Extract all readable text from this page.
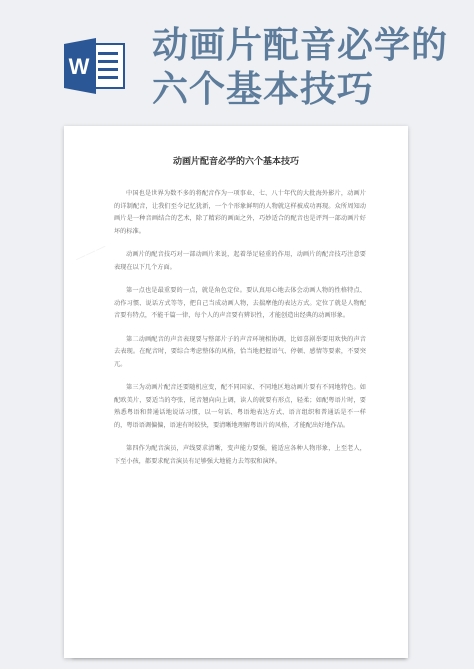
W
动画片配音必学的
六个基本技巧
———
动画片配音必学的六个基本技巧

中国也是世界为数不多的将配音作为一项事业、七、八十年代的大批海外影片，动画片的详制配音，让我们至今记忆犹新，一个个形象鲜明的人物就这样被成功再现。众所周知动画片是一种音画结合的艺术，除了精彩的画面之外，巧妙适合的配音也是评判一部动画片好坏的标准。

动画片的配音技巧对一部动画片来说，起着举足轻重的作用，动画片的配音技巧注意要表现在以下几个方面。

第一点也是最重要的一点，就是角色定位。要认真用心地去体会动画人物的性格特点、动作习惯、说话方式等等，把自己当成动画人物，去揣摩他的表达方式。定位了就是人物配音要有特点，不能千篇一律，每个人的声音要有辨识性，才能创造出经典的动画形象。

第二动画配音的声音表现要与整部片子的声音环境相协调，比如喜剧举要用欢快的声音去表现。在配音时，要综合考虑整体的风格，恰当地把握语气、停顿、感情等要素，不要突兀。

第三为动画片配音还要随机应变，配不同国家、不同地区地动画片要有不同地特色。如配欧美片，要适当的夸张，尾音翘向向上调，读人的就要有形点，轻柔；如配粤语片时，要熟悉粤语和普通话地说话习惯，以一句话、粤语地表达方式、语言组织和普通话是不一样的，粤语语调偏偏，语速有时较快，要清晰地理解粤语片的风格，才能配出好地作品。

第四作为配音演员，声线要求清晰，变声能力要强，能适应各种人物形象，上至老人，下至小孩，都要求配音演员有足够强大地能力去驾驭和演绎。
